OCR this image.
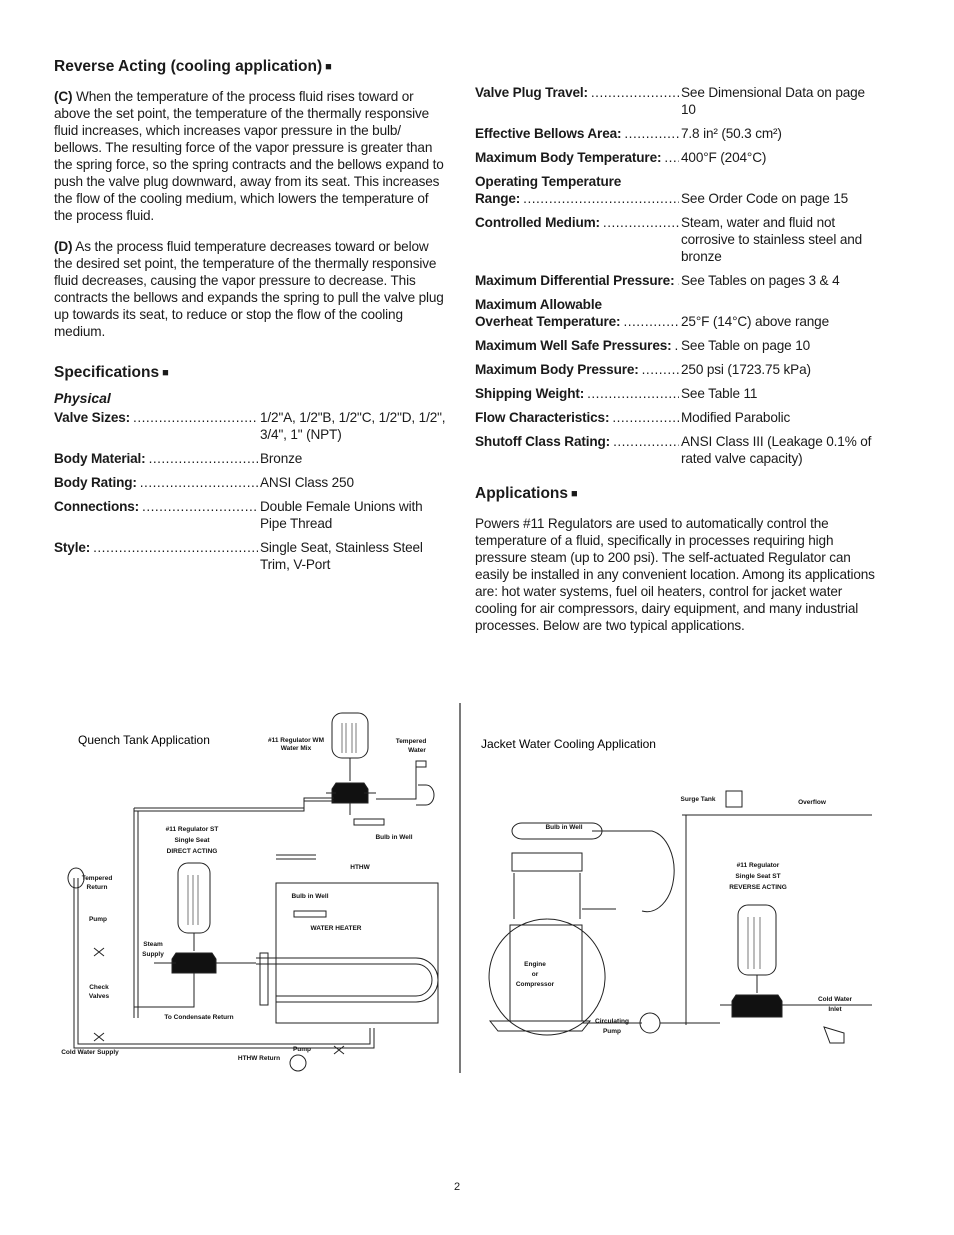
Reverse Acting (cooling application) ■

(C) When the temperature of the process fluid rises toward or above the set point, the temperature of the thermally responsive fluid increases, which increases vapor pressure in the bulb/ bellows. The resulting force of the vapor pressure is greater than the spring force, so the spring contracts and the bellows expand to push the valve plug downward, away from its seat. This increases the flow of the cooling medium, which lowers the temperature of the process fluid.

(D) As the process fluid temperature decreases toward or below the desired set point, the temperature of the thermally responsive fluid decreases, causing the vapor pressure to decrease. This contracts the bellows and expands the spring to pull the valve plug up towards its seat, to reduce or stop the flow of the cooling medium.

Specifications ■
Physical
Valve Sizes: .....	1/2"A, 1/2"B, 1/2"C, 1/2"D, 1/2", 3/4", 1" (NPT)
Body Material: .....	Bronze
Body Rating: .....	ANSI Class 250
Connections: .....	Double Female Unions with Pipe Thread
Style: .....	Single Seat, Stainless Steel Trim, V-Port
Valve Plug Travel: .....	See Dimensional Data on page 10
Effective Bellows Area: .....	7.8 in² (50.3 cm²)
Maximum Body Temperature: ..... 400°F (204°C)
Operating Temperature
Range: .....	See Order Code on page 15
Controlled Medium: .....	Steam, water and fluid not corrosive to stainless steel and bronze
Maximum Differential Pressure: ..... See Tables on pages 3 & 4
Maximum Allowable
Overheat Temperature: .....	25°F (14°C) above range
Maximum Well Safe Pressures: ..... See Table on page 10
Maximum Body Pressure: .....	250 psi (1723.75 kPa)
Shipping Weight: .....	See Table 11
Flow Characteristics: .....	Modified Parabolic
Shutoff Class Rating: .....	ANSI Class III (Leakage 0.1% of rated valve capacity)
Applications ■

Powers #11 Regulators are used to automatically control the temperature of a fluid, specifically in processes requiring high pressure steam (up to 200 psi). The self-actuated Regulator can easily be installed in any convenient location. Among its applications are: hot water systems, fuel oil heaters, control for jacket water cooling for air compressors, dairy equipment, and many industrial processes. Below are two typical applications.

Quench Tank Application	Jacket Water Cooling Application
#11 Regulator WM
Water Mix
Tempered
Water
#11 Regulator ST
Single Seat
DIRECT ACTING
Bulb in Well
HTHW
Bulb in Well
WATER HEATER
Tempered
Return
Pump
Steam
Supply
Check
Valves
To Condensate Return
Pump
Cold Water Supply
HTHW Return
Surge Tank	Overflow
Bulb in Well
#11 Regulator
Single Seat ST
REVERSE ACTING
Engine
or
Compressor
Cold Water
Inlet
Circulating
Pump
2
